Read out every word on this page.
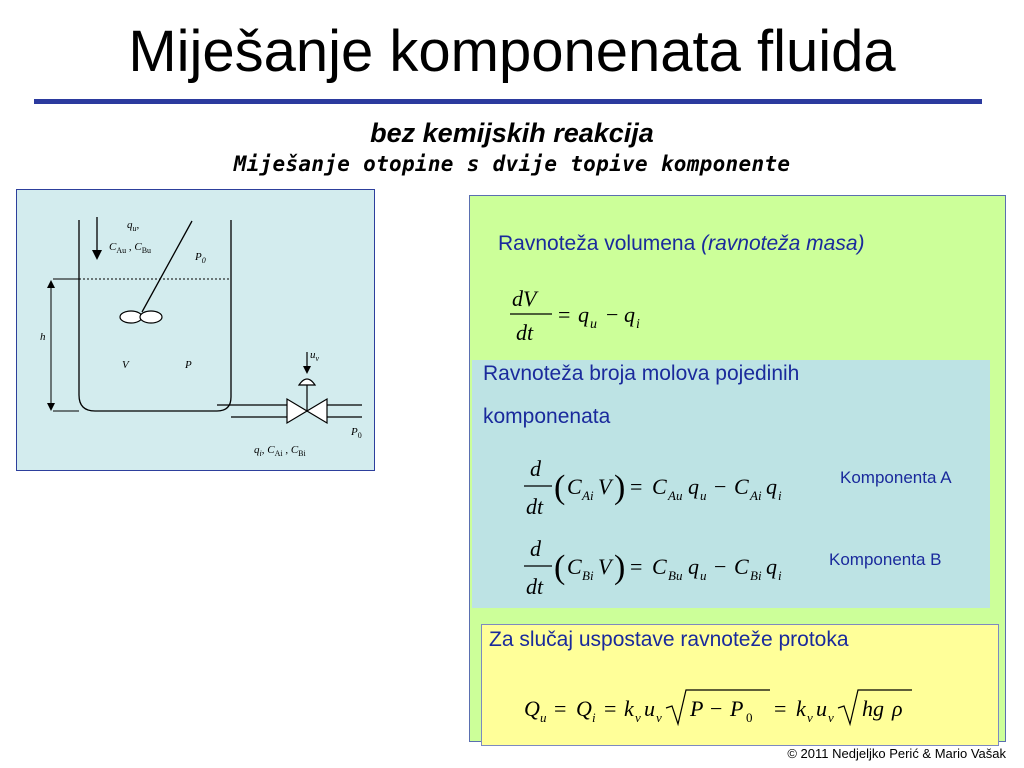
Miješanje komponenata fluida
bez kemijskih reakcija
Miješanje otopine s dvije topive komponente
$q_u$,
$C_{Au}$ , $C_{Bu}$
$P_0$
h
V	P
$u_v$
$P_0$
$q_i$, $C_{Ai}$ , $C_{Bi}$
Ravnoteža volumena (ravnoteža masa)
dV
dt
= q u − q i
Ravnoteža broja molova pojedinih
komponenata
d
dt
( C Ai V ) = C Au q u − C Ai q i
Komponenta A
d
dt
( C Bi V ) = C Bu q u − C Bi q i
Komponenta B
Za slučaj uspostave ravnoteže protoka
Q u = Q i = k v u v P − P 0 = k v u v hg ρ
© 2011 Nedjeljko Perić & Mario Vašak
